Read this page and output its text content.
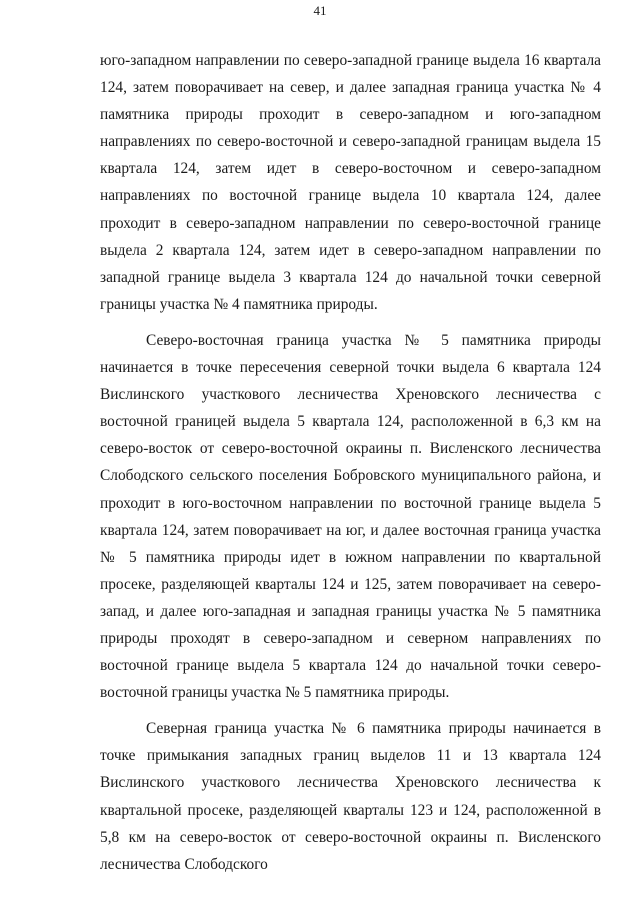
41

юго-западном направлении по северо-западной границе выдела 16 квартала 124, затем поворачивает на север, и далее западная граница участка № 4 памятника природы проходит в северо-западном и юго-западном направлениях по северо-восточной и северо-западной границам выдела 15 квартала 124, затем идет в северо-восточном и северо-западном направлениях по восточной границе выдела 10 квартала 124, далее проходит в северо-западном направлении по северо-восточной границе выдела 2 квартала 124, затем идет в северо-западном направлении по западной границе выдела 3 квартала 124 до начальной точки северной границы участка № 4 памятника природы.

Северо-восточная граница участка № 5 памятника природы начинается в точке пересечения северной точки выдела 6 квартала 124 Вислинского участкового лесничества Хреновского лесничества с восточной границей выдела 5 квартала 124, расположенной в 6,3 км на северо-восток от северо-восточной окраины п. Висленского лесничества Слободского сельского поселения Бобровского муниципального района, и проходит в юго-восточном направлении по восточной границе выдела 5 квартала 124, затем поворачивает на юг, и далее восточная граница участка № 5 памятника природы идет в южном направлении по квартальной просеке, разделяющей кварталы 124 и 125, затем поворачивает на северо-запад, и далее юго-западная и западная границы участка № 5 памятника природы проходят в северо-западном и северном направлениях по восточной границе выдела 5 квартала 124 до начальной точки северо-восточной границы участка № 5 памятника природы.

Северная граница участка № 6 памятника природы начинается в точке примыкания западных границ выделов 11 и 13 квартала 124 Вислинского участкового лесничества Хреновского лесничества к квартальной просеке, разделяющей кварталы 123 и 124, расположенной в 5,8 км на северо-восток от северо-восточной окраины п. Висленского лесничества Слободского
